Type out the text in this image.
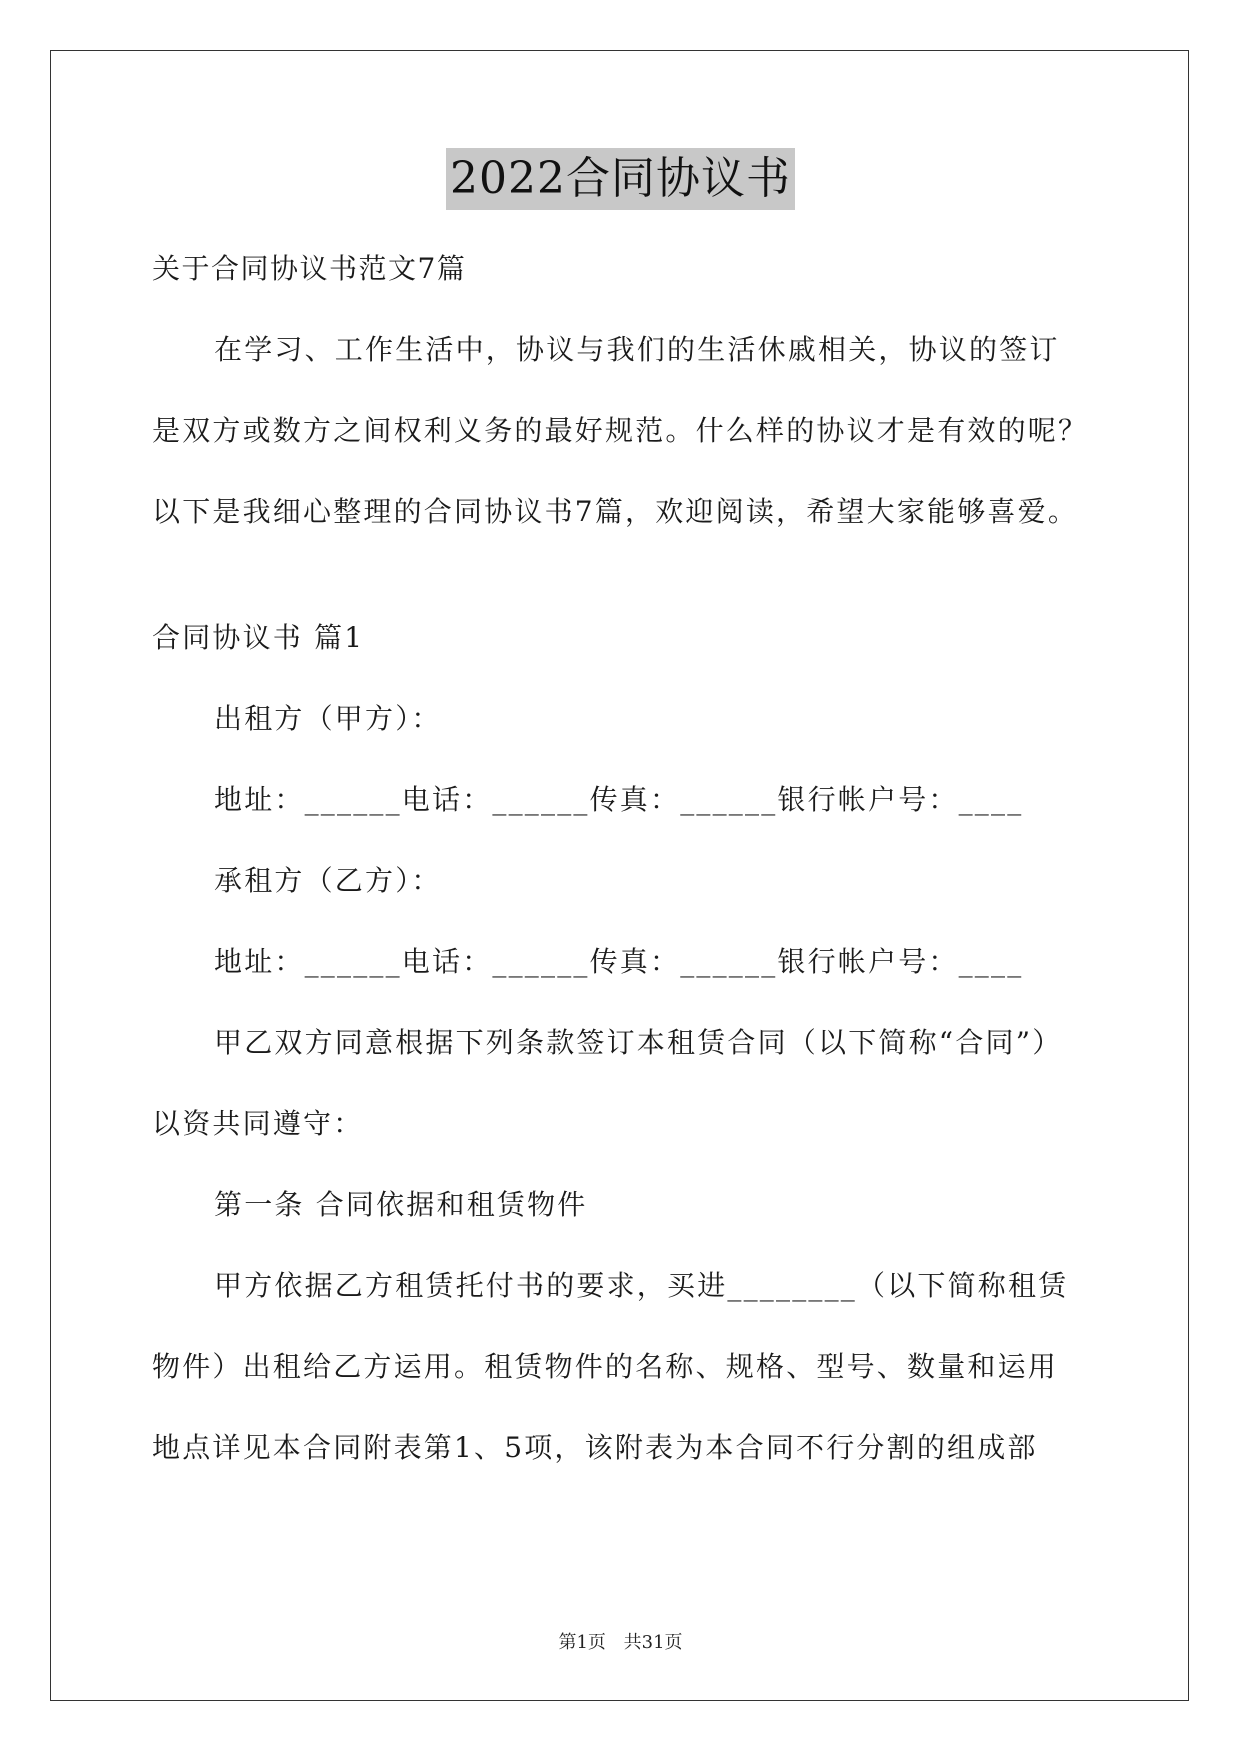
2022合同协议书
关于合同协议书范文7篇
在学习、工作生活中，协议与我们的生活休戚相关，协议的签订
是双方或数方之间权利义务的最好规范。什么样的协议才是有效的呢？
以下是我细心整理的合同协议书7篇，欢迎阅读，希望大家能够喜爱。
合同协议书 篇1
出租方（甲方）：
地址：______电话：______传真：______银行帐户号：____
承租方（乙方）：
地址：______电话：______传真：______银行帐户号：____
甲乙双方同意根据下列条款签订本租赁合同（以下简称“合同”）
以资共同遵守：
第一条 合同依据和租赁物件
甲方依据乙方租赁托付书的要求，买进________（以下简称租赁
物件）出租给乙方运用。租赁物件的名称、规格、型号、数量和运用
地点详见本合同附表第1、5项，该附表为本合同不行分割的组成部
第1页 共31页
